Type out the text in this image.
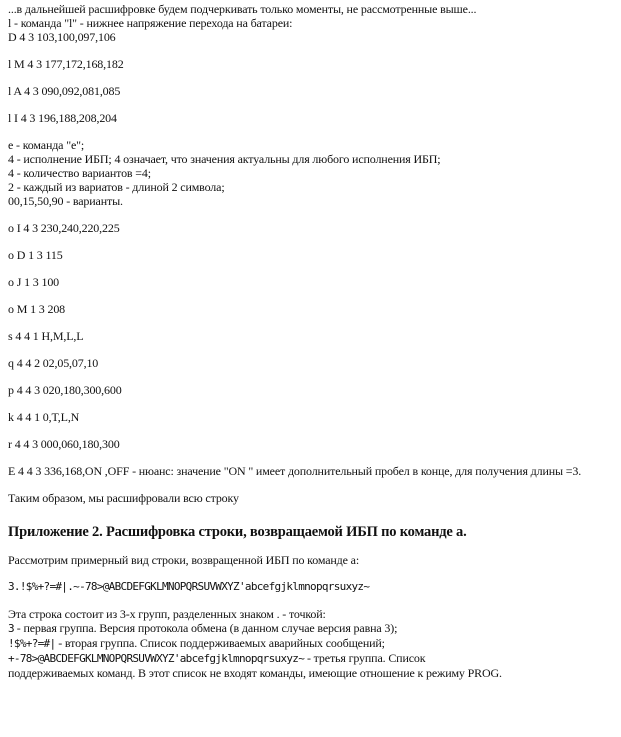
...в дальнейшей расшифровке будем подчеркивать только моменты, не рассмотренные выше...
l - команда "l" - нижнее напряжение перехода на батареи:
D 4 3 103,100,097,106
l M 4 3 177,172,168,182
l A 4 3 090,092,081,085
l I 4 3 196,188,208,204
e - команда "e";
4 - исполнение ИБП; 4 означает, что значения актуальны для любого исполнения ИБП;
4 - количество вариантов =4;
2 - каждый из вариатов - длиной 2 символа;
00,15,50,90 - варианты.
o I 4 3 230,240,220,225
o D 1 3 115
o J 1 3 100
o M 1 3 208
s 4 4 1 H,M,L,L
q 4 4 2 02,05,07,10
p 4 4 3 020,180,300,600
k 4 4 1 0,T,L,N
r 4 4 3 000,060,180,300
E 4 4 3 336,168,ON ,OFF - нюанс: значение "ON " имеет дополнительный пробел в конце, для получения длины =3.
Таким образом, мы расшифровали всю строку
Приложение 2. Расшифровка строки, возвращаемой ИБП по команде a.
Рассмотрим примерный вид строки, возвращенной ИБП по команде a:
3.!$%+?=#|.~-78>@ABCDEFGKLMNOPQRSUVWXYZ'abcefgjklmnopqrsuxyz~
Эта строка состоит из 3-х групп, разделенных знаком . - точкой:
3 - первая группа. Версия протокола обмена (в данном случае версия равна 3);
!$%+?=#| - вторая группа. Список поддерживаемых аварийных сообщений;
+-78>@ABCDEFGKLMNOPQRSUVWXYZ'abcefgjklmnopqrsuxyz~ - третья группа. Список
поддерживаемых команд. В этот список не входят команды, имеющие отношение к режиму PROG.
